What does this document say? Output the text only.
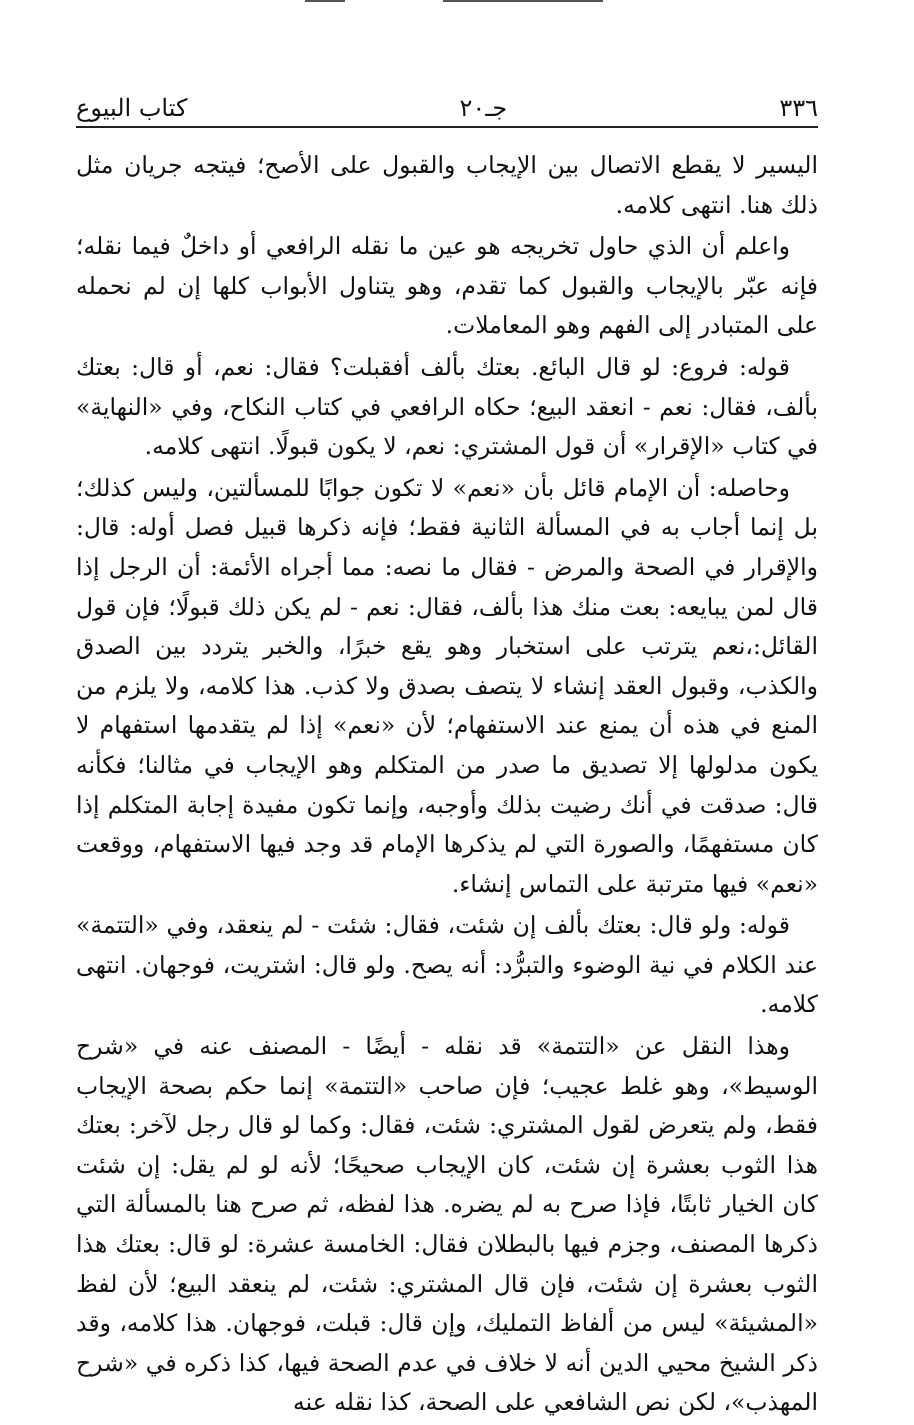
٣٣٦
جـ٢٠
كتاب البيوع

اليسير لا يقطع الاتصال بين الإيجاب والقبول على الأصح؛ فيتجه جريان مثل ذلك هنا. انتهى كلامه.

واعلم أن الذي حاول تخريجه هو عين ما نقله الرافعي أو داخلٌ فيما نقله؛ فإنه عبّر بالإيجاب والقبول كما تقدم، وهو يتناول الأبواب كلها إن لم نحمله على المتبادر إلى الفهم وهو المعاملات.

قوله: فروع: لو قال البائع. بعتك بألف أفقبلت؟ فقال: نعم، أو قال: بعتك بألف، فقال: نعم - انعقد البيع؛ حكاه الرافعي في كتاب النكاح، وفي «النهاية» في كتاب «الإقرار» أن قول المشتري: نعم، لا يكون قبولًا. انتهى كلامه.

وحاصله: أن الإمام قائل بأن «نعم» لا تكون جوابًا للمسألتين، وليس كذلك؛ بل إنما أجاب به في المسألة الثانية فقط؛ فإنه ذكرها قبيل فصل أوله: قال: والإقرار في الصحة والمرض - فقال ما نصه: مما أجراه الأئمة: أن الرجل إذا قال لمن يبايعه: بعت منك هذا بألف، فقال: نعم - لم يكن ذلك قبولًا؛ فإن قول القائل:،نعم يترتب على استخبار وهو يقع خبرًا، والخبر يتردد بين الصدق والكذب، وقبول العقد إنشاء لا يتصف بصدق ولا كذب. هذا كلامه، ولا يلزم من المنع في هذه أن يمنع عند الاستفهام؛ لأن «نعم» إذا لم يتقدمها استفهام لا يكون مدلولها إلا تصديق ما صدر من المتكلم وهو الإيجاب في مثالنا؛ فكأنه قال: صدقت في أنك رضيت بذلك وأوجبه، وإنما تكون مفيدة إجابة المتكلم إذا كان مستفهمًا، والصورة التي لم يذكرها الإمام قد وجد فيها الاستفهام، ووقعت «نعم» فيها مترتبة على التماس إنشاء.

قوله: ولو قال: بعتك بألف إن شئت، فقال: شئت - لم ينعقد، وفي «التتمة» عند الكلام في نية الوضوء والتبرُّد: أنه يصح. ولو قال: اشتريت، فوجهان. انتهى كلامه.

وهذا النقل عن «التتمة» قد نقله - أيضًا - المصنف عنه في «شرح الوسيط»، وهو غلط عجيب؛ فإن صاحب «التتمة» إنما حكم بصحة الإيجاب فقط، ولم يتعرض لقول المشتري: شئت، فقال: وكما لو قال رجل لآخر: بعتك هذا الثوب بعشرة إن شئت، كان الإيجاب صحيحًا؛ لأنه لو لم يقل: إن شئت كان الخيار ثابتًا، فإذا صرح به لم يضره. هذا لفظه، ثم صرح هنا بالمسألة التي ذكرها المصنف، وجزم فيها بالبطلان فقال: الخامسة عشرة: لو قال: بعتك هذا الثوب بعشرة إن شئت، فإن قال المشتري: شئت، لم ينعقد البيع؛ لأن لفظ «المشيئة» ليس من ألفاظ التمليك، وإن قال: قبلت، فوجهان. هذا كلامه، وقد ذكر الشيخ محيي الدين أنه لا خلاف في عدم الصحة فيها، كذا ذكره في «شرح المهذب»، لكن نص الشافعي على الصحة، كذا نقله عنه
